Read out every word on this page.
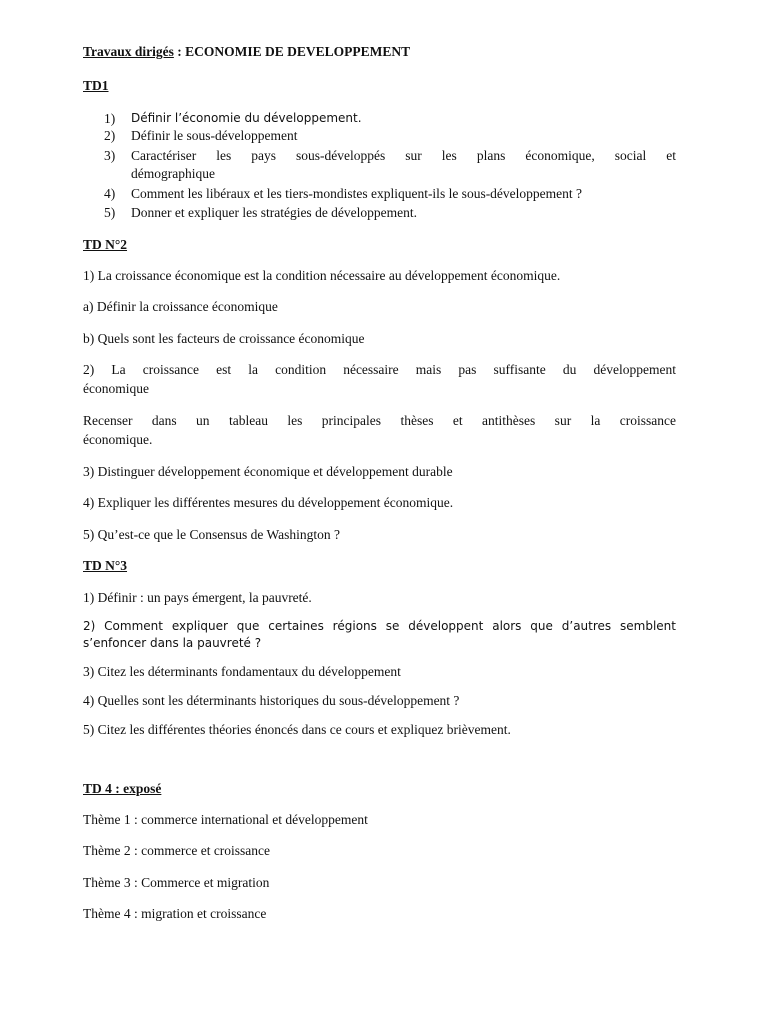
Travaux dirigés : ECONOMIE DE DEVELOPPEMENT
TD1
1) Définir l’économie du développement.
2) Définir le sous-développement
3) Caractériser les pays sous-développés sur les plans économique, social et
démographique
4) Comment les libéraux et les tiers-mondistes expliquent-ils le sous-développement ?
5) Donner et expliquer les stratégies de développement.
TD N°2
1) La croissance économique est la condition nécessaire au développement économique.
a) Définir la croissance économique
b) Quels sont les facteurs de croissance économique
2) La croissance est la condition nécessaire mais pas suffisante du développement
économique
Recenser dans un tableau les principales thèses et antithèses sur la croissance
économique.
3) Distinguer développement économique et développement durable
4) Expliquer les différentes mesures du développement économique.
5) Qu’est-ce que le Consensus de Washington ?
TD N°3
1) Définir : un pays émergent, la pauvreté.
2) Comment expliquer que certaines régions se développent alors que d’autres semblent
s’enfoncer dans la pauvreté ?
3) Citez les déterminants fondamentaux du développement
4) Quelles sont les déterminants historiques du sous-développement ?
5) Citez les différentes théories énoncés dans ce cours et expliquez brièvement.
TD 4 : exposé
Thème 1 : commerce international et développement
Thème 2 : commerce et croissance
Thème 3 : Commerce et migration
Thème 4 : migration et croissance
